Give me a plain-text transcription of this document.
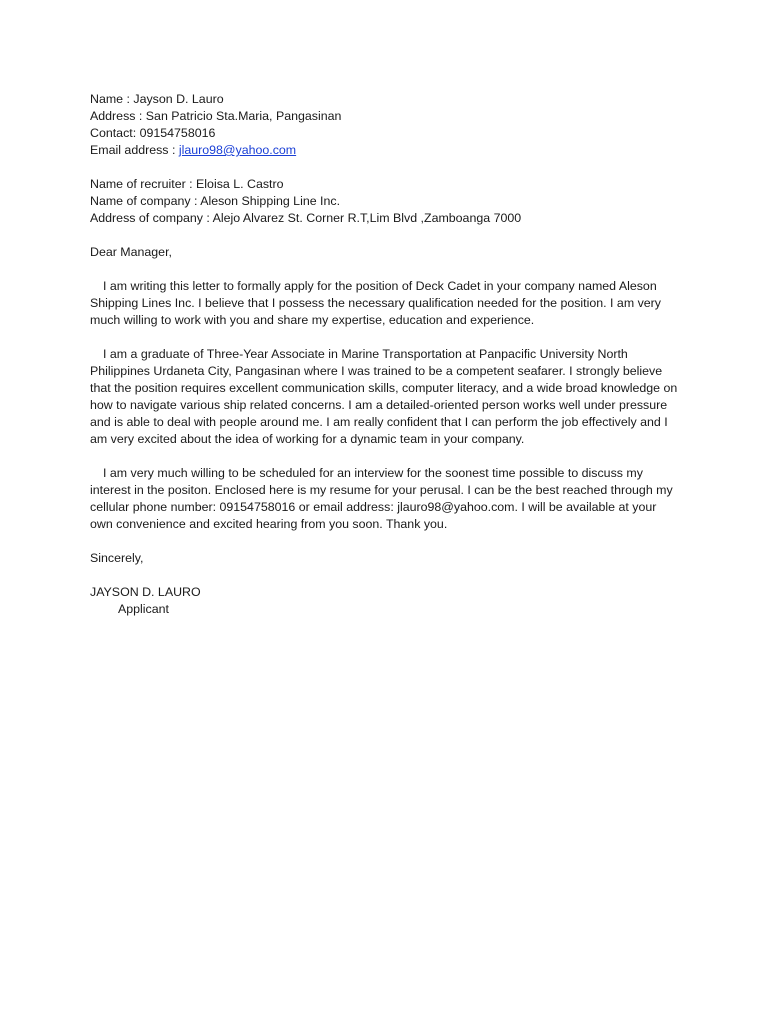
Name : Jayson D. Lauro
Address : San Patricio Sta.Maria, Pangasinan
Contact: 09154758016
Email address : jlauro98@yahoo.com
Name of recruiter : Eloisa L. Castro
Name of company : Aleson Shipping Line Inc.
Address of company : Alejo Alvarez St. Corner R.T,Lim Blvd ,Zamboanga 7000
Dear Manager,

I am writing this letter to formally apply for the position of Deck Cadet in your company named Aleson Shipping Lines Inc. I believe that I possess the necessary qualification needed for the position. I am very much willing to work with you and share my expertise, education and experience.

I am a graduate of Three-Year Associate in Marine Transportation at Panpacific University North Philippines Urdaneta City, Pangasinan where I was trained to be a competent seafarer. I strongly believe that the position requires excellent communication skills, computer literacy, and a wide broad knowledge on how to navigate various ship related concerns. I am a detailed-oriented person works well under pressure and is able to deal with people around me. I am really confident that I can perform the job effectively and I am very excited about the idea of working for a dynamic team in your company.

I am very much willing to be scheduled for an interview for the soonest time possible to discuss my interest in the positon. Enclosed here is my resume for your perusal. I can be the best reached through my cellular phone number: 09154758016 or email address: jlauro98@yahoo.com. I will be available at your own convenience and excited hearing from you soon. Thank you.

Sincerely,
JAYSON D. LAURO
Applicant
